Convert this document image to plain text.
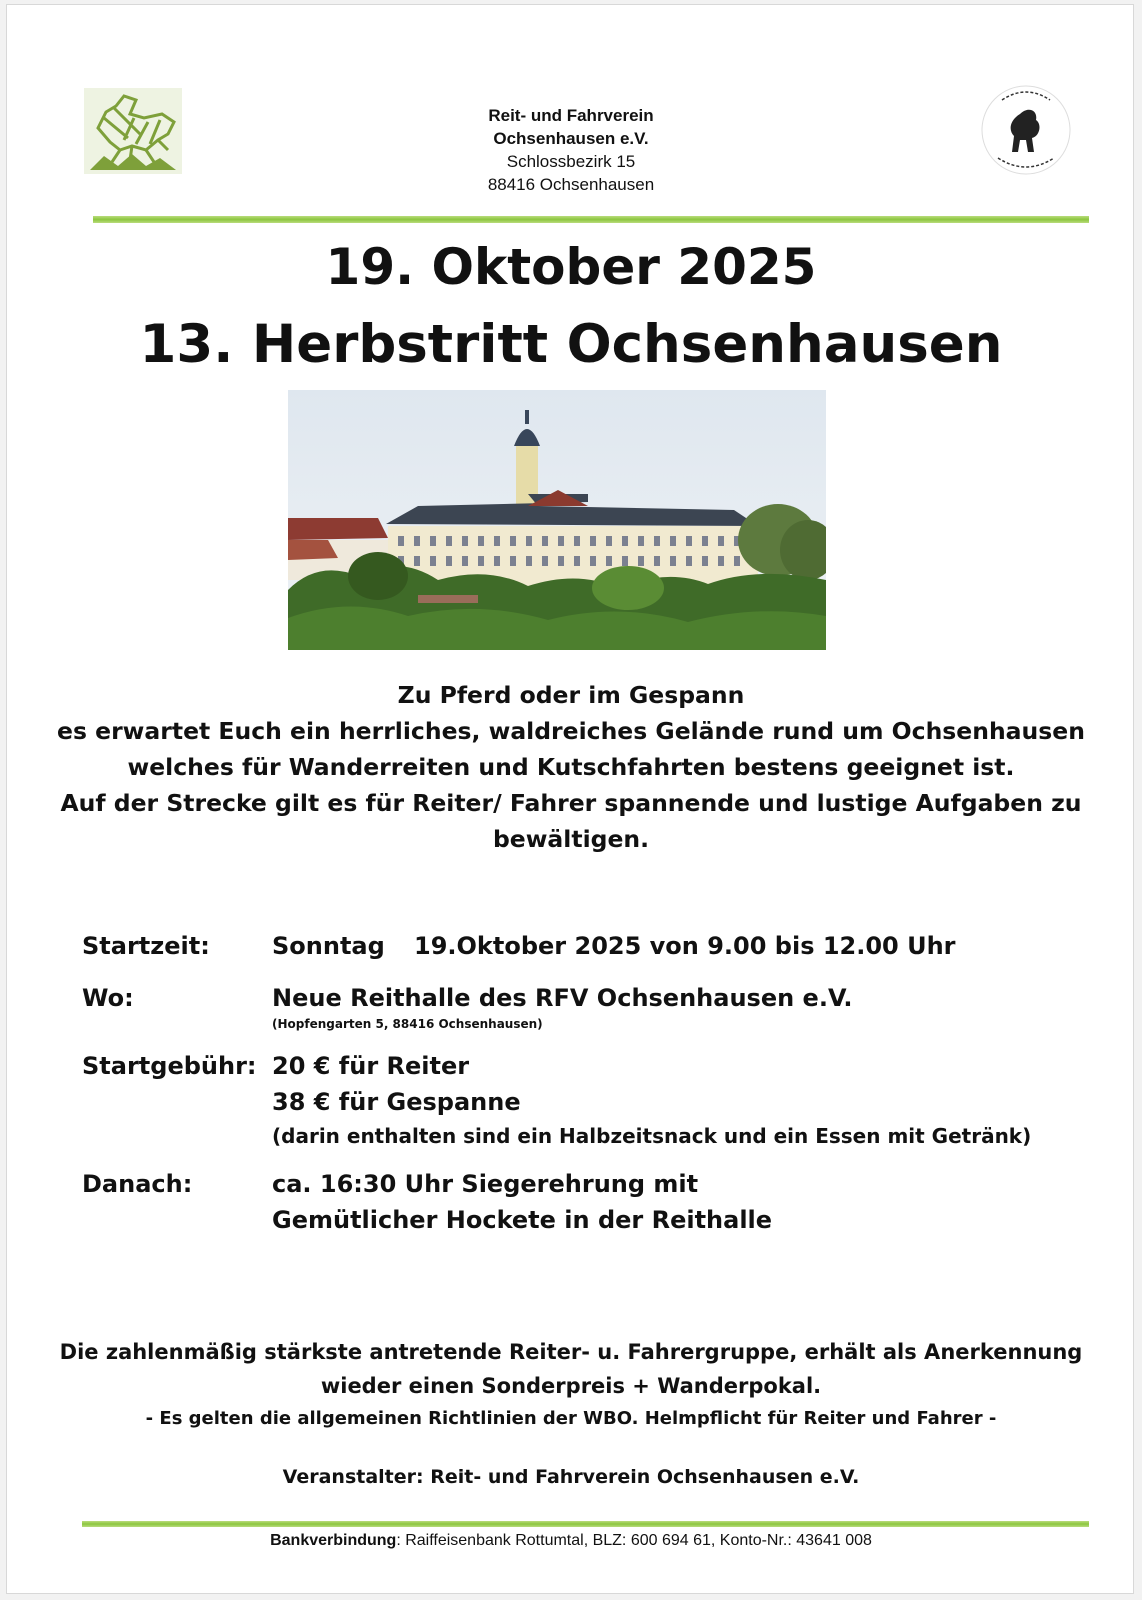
Reit- und Fahrverein
Ochsenhausen e.V.
Schlossbezirk 15
88416 Ochsenhausen
19. Oktober 2025
13. Herbstritt Ochsenhausen
Zu Pferd oder im Gespann
es erwartet Euch ein herrliches, waldreiches Gelände rund um Ochsenhausen
welches für Wanderreiten und Kutschfahrten bestens geeignet ist.
Auf der Strecke gilt es für Reiter/ Fahrer spannende und lustige Aufgaben zu
bewältigen.
Startzeit:	Sonntag 19.Oktober 2025 von 9.00 bis 12.00 Uhr
Wo:	Neue Reithalle des RFV Ochsenhausen e.V.
(Hopfengarten 5, 88416 Ochsenhausen)
Startgebühr: 20 € für Reiter
38 € für Gespanne
(darin enthalten sind ein Halbzeitsnack und ein Essen mit Getränk)
Danach:	ca. 16:30 Uhr Siegerehrung mit
Gemütlicher Hockete in der Reithalle
Die zahlenmäßig stärkste antretende Reiter- u. Fahrergruppe, erhält als Anerkennung
wieder einen Sonderpreis + Wanderpokal.
- Es gelten die allgemeinen Richtlinien der WBO. Helmpflicht für Reiter und Fahrer -
Veranstalter: Reit- und Fahrverein Ochsenhausen e.V.
Bankverbindung: Raiffeisenbank Rottumtal, BLZ: 600 694 61, Konto-Nr.: 43641 008
